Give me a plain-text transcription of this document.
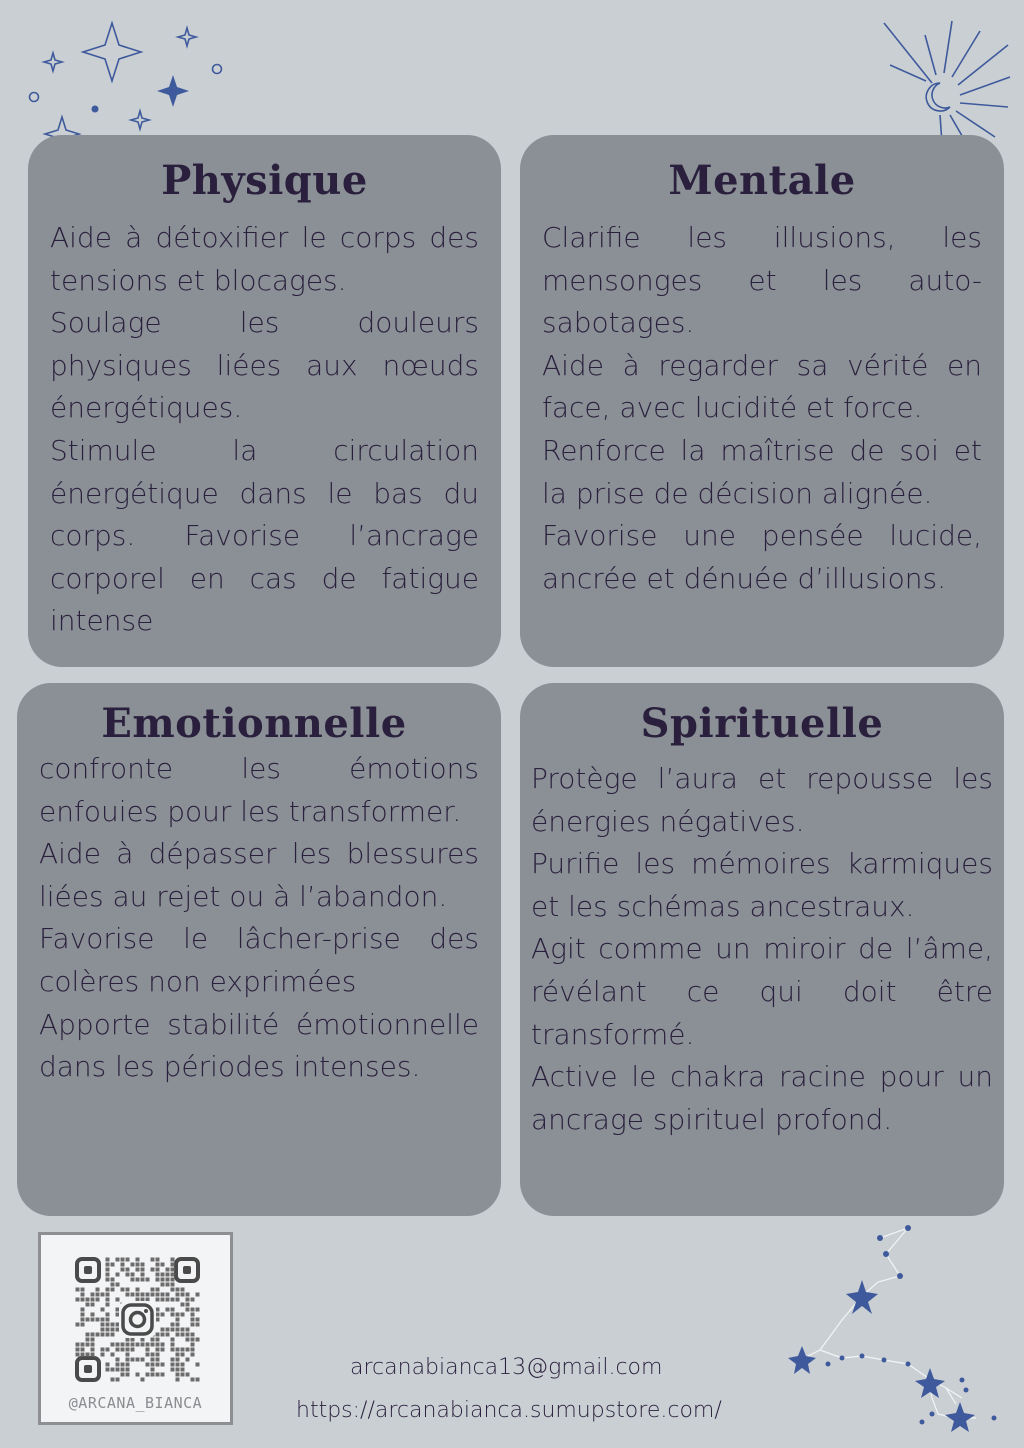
Physique

Aide à détoxifier le corps des tensions et blocages.

Soulage les douleurs physiques liées aux nœuds énergétiques.

Stimule la circulation énergétique dans le bas du corps. Favorise l’ancrage corporel en cas de fatigue intense

Mentale

Clarifie les illusions, les mensonges et les auto-sabotages.

Aide à regarder sa vérité en face, avec lucidité et force.

Renforce la maîtrise de soi et la prise de décision alignée.

Favorise une pensée lucide, ancrée et dénuée d’illusions.

Emotionnelle

confronte les émotions enfouies pour les transformer.

Aide à dépasser les blessures liées au rejet ou à l’abandon.

Favorise le lâcher-prise des colères non exprimées

Apporte stabilité émotionnelle dans les périodes intenses.

Spirituelle

Protège l’aura et repousse les énergies négatives.

Purifie les mémoires karmiques et les schémas ancestraux.

Agit comme un miroir de l’âme, révélant ce qui doit être transformé.

Active le chakra racine pour un ancrage spirituel profond.

@ARCANA_BIANCA
arcanabianca13@gmail.com
https://arcanabianca.sumupstore.com/
